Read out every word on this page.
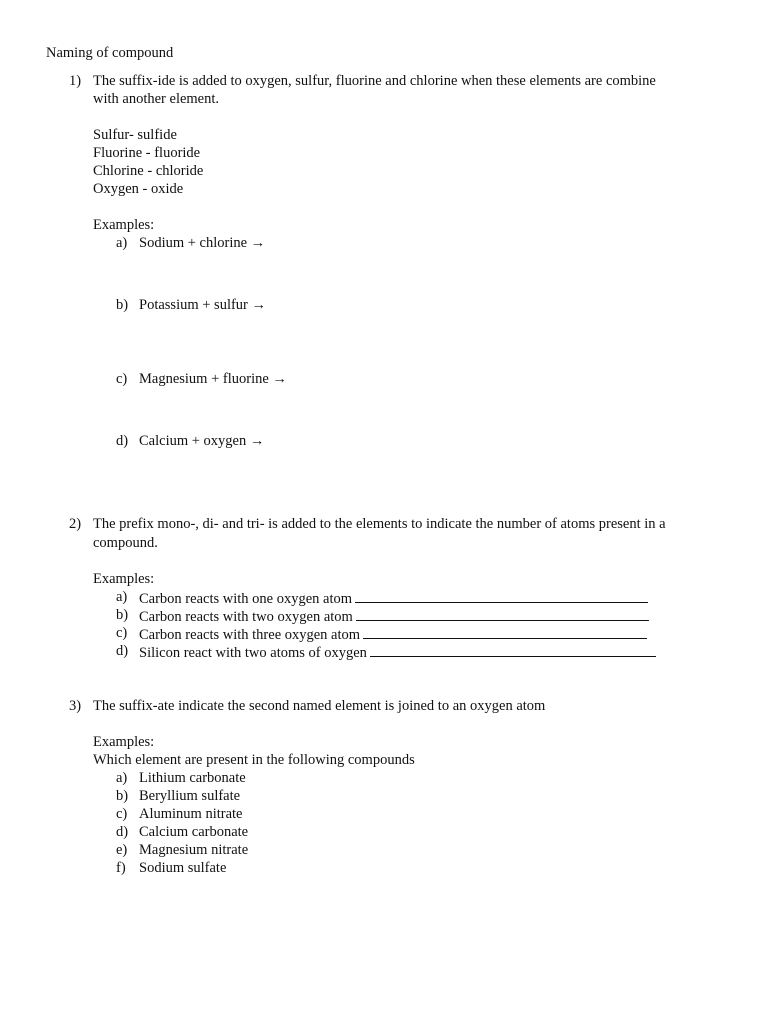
Naming of compound
1) The suffix-ide is added to oxygen, sulfur, fluorine and chlorine when these elements are combine
with another element.
Sulfur- sulfide
Fluorine - fluoride
Chlorine - chloride
Oxygen - oxide
Examples:
a) Sodium + chlorine →
b) Potassium + sulfur →
c) Magnesium + fluorine →
d) Calcium + oxygen →
2) The prefix mono-, di- and tri- is added to the elements to indicate the number of atoms present in a
compound.
Examples:
a) Carbon reacts with one oxygen atom
b) Carbon reacts with two oxygen atom
c) Carbon reacts with three oxygen atom
d) Silicon react with two atoms of oxygen
3) The suffix-ate indicate the second named element is joined to an oxygen atom
Examples:
Which element are present in the following compounds
a) Lithium carbonate
b) Beryllium sulfate
c) Aluminum nitrate
d) Calcium carbonate
e) Magnesium nitrate
f) Sodium sulfate
